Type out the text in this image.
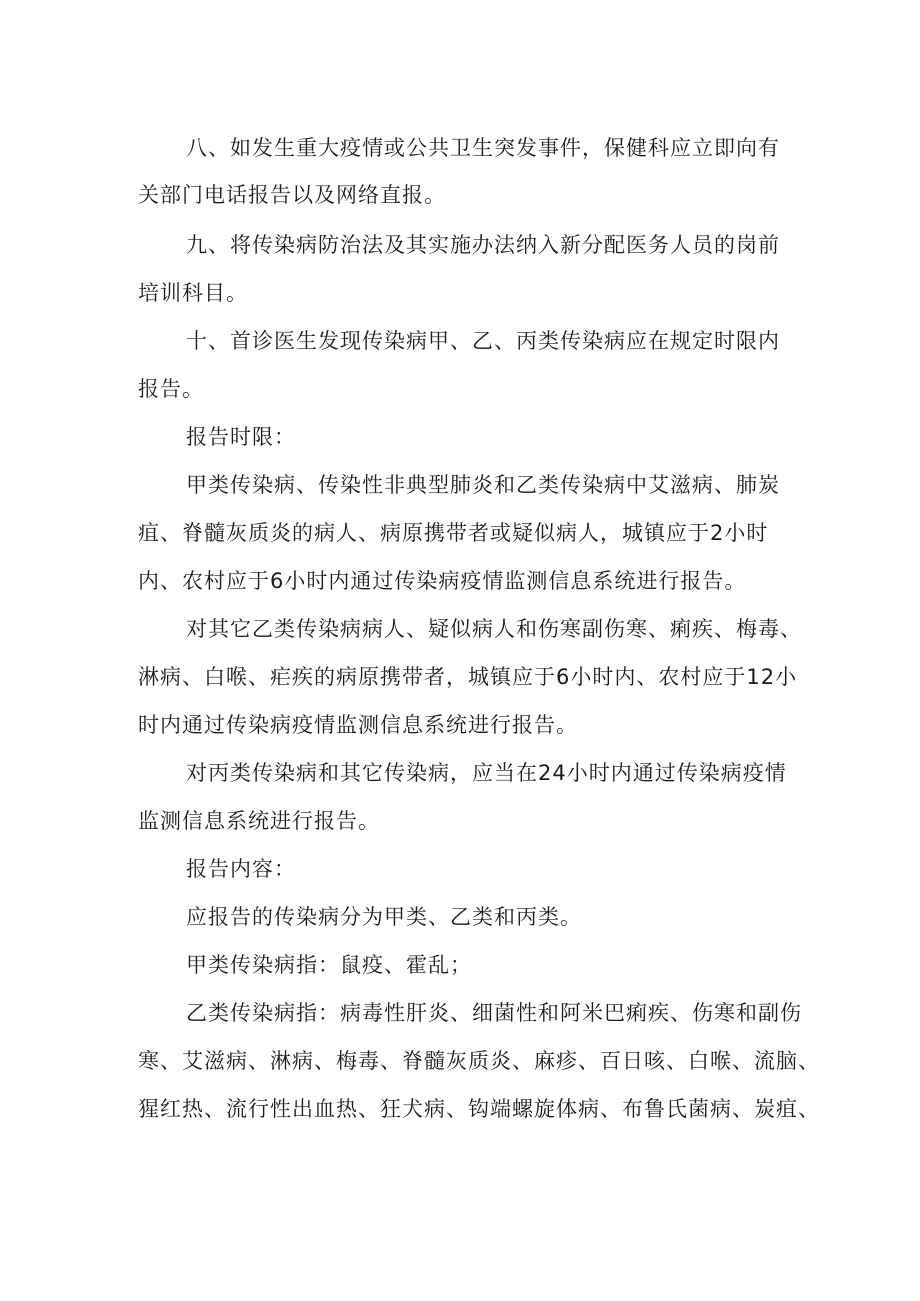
八、如发生重大疫情或公共卫生突发事件，保健科应立即向有
关部门电话报告以及网络直报。
九、将传染病防治法及其实施办法纳入新分配医务人员的岗前
培训科目。
十、首诊医生发现传染病甲、乙、丙类传染病应在规定时限内
报告。
报告时限：
甲类传染病、传染性非典型肺炎和乙类传染病中艾滋病、肺炭
疽、脊髓灰质炎的病人、病原携带者或疑似病人，城镇应于2小时
内、农村应于6小时内通过传染病疫情监测信息系统进行报告。
对其它乙类传染病病人、疑似病人和伤寒副伤寒、痢疾、梅毒、
淋病、白喉、疟疾的病原携带者，城镇应于6小时内、农村应于12小
时内通过传染病疫情监测信息系统进行报告。
对丙类传染病和其它传染病，应当在24小时内通过传染病疫情
监测信息系统进行报告。
报告内容：
应报告的传染病分为甲类、乙类和丙类。
甲类传染病指：鼠疫、霍乱；
乙类传染病指：病毒性肝炎、细菌性和阿米巴痢疾、伤寒和副伤
寒、艾滋病、淋病、梅毒、脊髓灰质炎、麻疹、百日咳、白喉、流脑、
猩红热、流行性出血热、狂犬病、钩端螺旋体病、布鲁氏菌病、炭疽、
